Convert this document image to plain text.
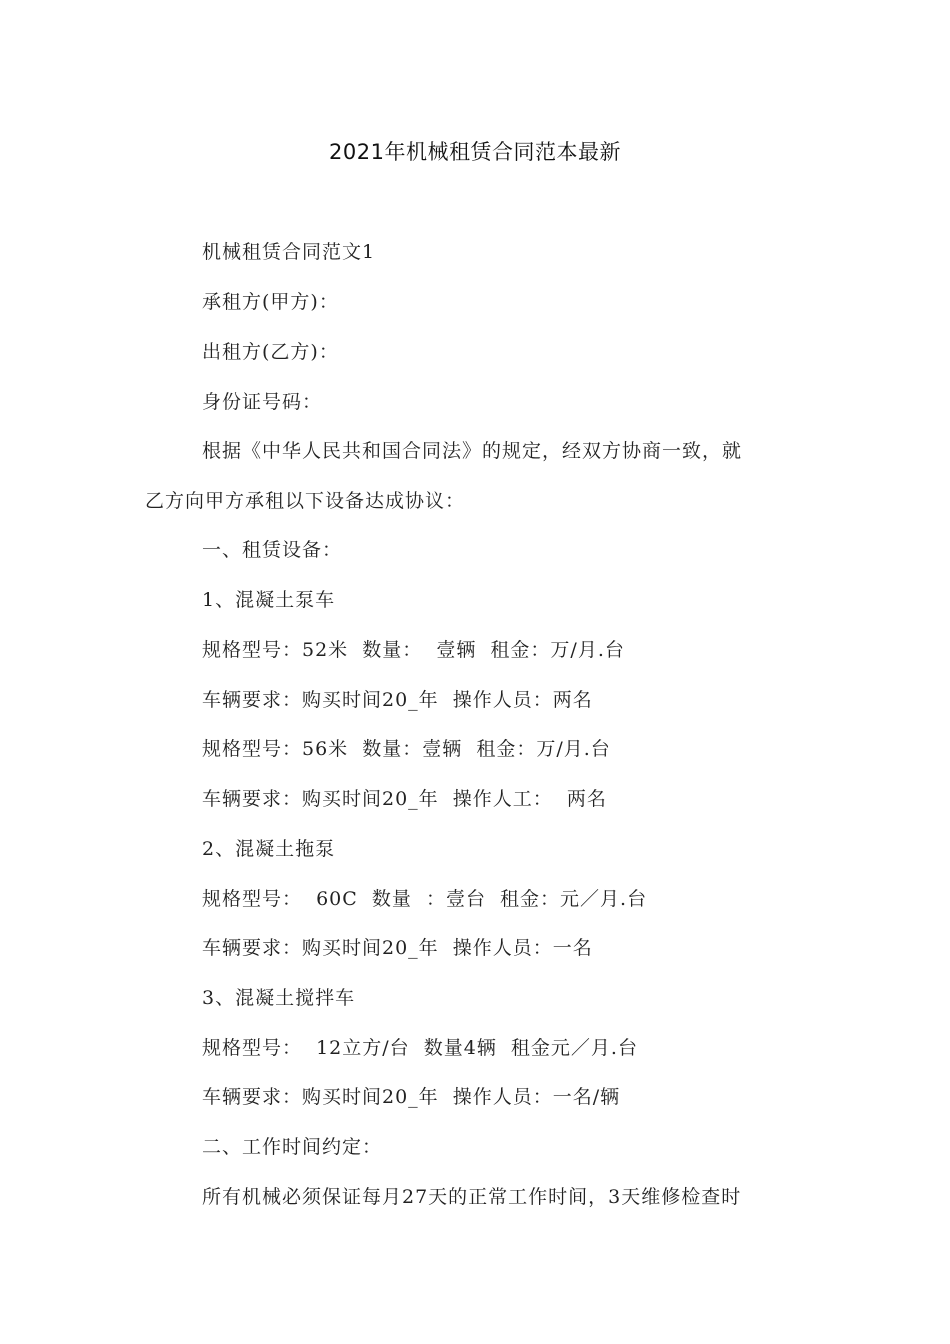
2021年机械租赁合同范本最新

机械租赁合同范文1

承租方(甲方)：

出租方(乙方)：

身份证号码：

根据《中华人民共和国合同法》的规定，经双方协商一致，就

乙方向甲方承租以下设备达成协议：

一、租赁设备：

1、混凝土泵车

规格型号：52米  数量：  壹辆  租金：万/月.台

车辆要求：购买时间20_年  操作人员：两名

规格型号：56米  数量：壹辆  租金：万/月.台

车辆要求：购买时间20_年  操作人工：  两名

2、混凝土拖泵

规格型号：  60C  数量  ：壹台  租金：元／月.台

车辆要求：购买时间20_年  操作人员：一名

3、混凝土搅拌车

规格型号：  12立方/台  数量4辆  租金元／月.台

车辆要求：购买时间20_年  操作人员：一名/辆

二、工作时间约定：

所有机械必须保证每月27天的正常工作时间，3天维修检查时
